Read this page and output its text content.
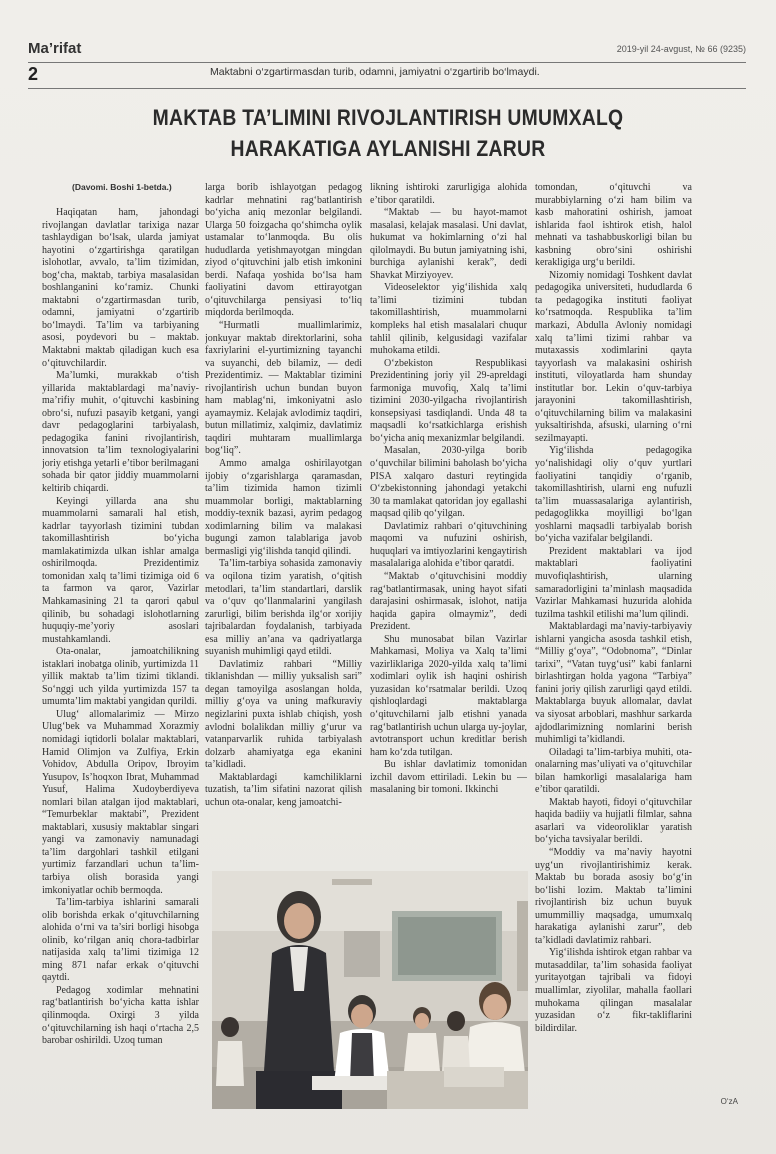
Ma’rifat	2019-yil 24-avgust, № 66 (9235)
2	Maktabni o‘zgartirmasdan turib, odamni, jamiyatni o‘zgartirib bo‘lmaydi.
MAKTAB TA’LIMINI RIVOJLANTIRISH UMUMXALQ HARAKATIGA AYLANISHI ZARUR
(Davomi. Boshi 1-betda.)

Haqiqatan ham, jahondagi rivojlangan davlatlar tarixiga nazar tashlaydigan bo‘lsak, ularda jamiyat hayotini o‘zgartirishga qaratilgan islohotlar, avvalo, ta’lim tizimidan, bog‘cha, maktab, tarbiya masalasidan boshlanganini ko‘ramiz. Chunki maktabni o‘zgartirmasdan turib, odamni, jamiyatni o‘zgartirib bo‘lmaydi. Ta’lim va tarbiyaning asosi, poydevori bu – maktab. Maktabni maktab qiladigan kuch esa o‘qituvchilardir.

Ma’lumki, murakkab o‘tish yillarida maktablardagi ma’naviy-ma’rifiy muhit, o‘qituvchi kasbining obro‘si, nufuzi pasayib ketgani, yangi davr pedagoglarini tarbiyalash, pedagogika fanini rivojlantirish, innovatsion ta’lim texnologiyalarini joriy etishga yetarli e’tibor berilmagani sohada bir qator jiddiy muammolarni keltirib chiqardi.

Keyingi yillarda ana shu muammolarni samarali hal etish, kadrlar tayyorlash tizimini tubdan takomillashtirish bo‘yicha mamlakatimizda ulkan ishlar amalga oshirilmoqda. Prezidentimiz tomonidan xalq ta’limi tizimiga oid 6 ta farmon va qaror, Vazirlar Mahkamasining 21 ta qarori qabul qilinib, bu sohadagi islohotlarning huquqiy-me’yoriy asoslari mustahkamlandi.

Ota-onalar, jamoatchilikning istaklari inobatga olinib, yurtimizda 11 yillik maktab ta’lim tizimi tiklandi. So‘nggi uch yilda yurtimizda 157 ta umumta’lim maktabi yangidan qurildi.

Ulug‘ allomalarimiz — Mirzo Ulug‘bek va Muhammad Xorazmiy nomidagi iqtidorli bolalar maktablari, Hamid Olimjon va Zulfiya, Erkin Vohidov, Abdulla Oripov, Ibroyim Yusupov, Is’hoqxon Ibrat, Muhammad Yusuf, Halima Xudoyberdiyeva nomlari bilan atalgan ijod maktablari, “Temurbeklar maktabi”, Prezident maktablari, xususiy maktablar singari yangi va zamonaviy namunadagi ta’lim dargohlari tashkil etilgani yurtimiz farzandlari uchun ta’lim-tarbiya olish borasida yangi imkoniyatlar ochib bermoqda.

Ta’lim-tarbiya ishlarini samarali olib borishda erkak o‘qituvchilarning alohida o‘rni va ta’siri borligi hisobga olinib, ko‘rilgan aniq chora-tadbirlar natijasida xalq ta’limi tizimiga 12 ming 871 nafar erkak o‘qituvchi qaytdi.

Pedagog xodimlar mehnatini rag‘batlantirish bo‘yicha katta ishlar qilinmoqda. Oxirgi 3 yilda o‘qituvchilarning ish haqi o‘rtacha 2,5 barobar oshirildi. Uzoq tuman

larga borib ishlayotgan pedagog kadrlar mehnatini rag‘batlantirish bo‘yicha aniq mezonlar belgilandi. Ularga 50 foizgacha qo‘shimcha oylik ustamalar to‘lanmoqda. Bu olis hududlarda yetishmayotgan mingdan ziyod o‘qituvchini jalb etish imkonini berdi. Nafaqa yoshida bo‘lsa ham faoliyatini davom ettirayotgan o‘qituvchilarga pensiyasi to‘liq miqdorda berilmoqda.

“Hurmatli muallimlarimiz, jonkuyar maktab direktorlarini, soha faxriylarini el-yurtimizning tayanchi va suyanchi, deb bilamiz, — dedi Prezidentimiz. — Maktablar tizimini rivojlantirish uchun bundan buyon ham mablag‘ni, imkoniyatni aslo ayamaymiz. Kelajak avlodimiz taqdiri, butun millatimiz, xalqimiz, davlatimiz taqdiri muhtaram muallimlarga bog‘liq”.

Ammo amalga oshirilayotgan ijobiy o‘zgarishlarga qaramasdan, ta’lim tizimida hamon tizimli muammolar borligi, maktablarning moddiy-texnik bazasi, ayrim pedagog xodimlarning bilim va malakasi bugungi zamon talablariga javob bermasligi yig‘ilishda tanqid qilindi.

Ta’lim-tarbiya sohasida zamonaviy va oqilona tizim yaratish, o‘qitish metodlari, ta’lim standartlari, darslik va o‘quv qo‘llanmalarini yangilash zarurligi, bilim berishda ilg‘or xorijiy tajribalardan foydalanish, tarbiyada esa milliy an’ana va qadriyatlarga suyanish muhimligi qayd etildi.

Davlatimiz rahbari “Milliy tiklanishdan — milliy yuksalish sari” degan tamoyilga asoslangan holda, milliy g‘oya va uning mafkuraviy negizlarini puxta ishlab chiqish, yosh avlodni bolalikdan milliy g‘urur va vatanparvarlik ruhida tarbiyalash dolzarb ahamiyatga ega ekanini ta’kidladi.

Maktablardagi kamchiliklarni tuzatish, ta’lim sifatini nazorat qilish uchun ota-onalar, keng jamoatchi-

likning ishtiroki zarurligiga alohida e’tibor qaratildi.

“Maktab — bu hayot-mamot masalasi, kelajak masalasi. Uni davlat, hukumat va hokimlarning o‘zi hal qilolmaydi. Bu butun jamiyatning ishi, burchiga aylanishi kerak”, dedi Shavkat Mirziyoyev.

Videoselektor yig‘ilishida xalq ta’limi tizimini tubdan takomillashtirish, muammolarni kompleks hal etish masalalari chuqur tahlil qilinib, kelgusidagi vazifalar muhokama etildi.

O‘zbekiston Respublikasi Prezidentining joriy yil 29-apreldagi farmoniga muvofiq, Xalq ta’limi tizimini 2030-yilgacha rivojlantirish konsepsiyasi tasdiqlandi. Unda 48 ta maqsadli ko‘rsatkichlarga erishish bo‘yicha aniq mexanizmlar belgilandi.

Masalan, 2030-yilga borib o‘quvchilar bilimini baholash bo‘yicha PISA xalqaro dasturi reytingida O‘zbekistonning jahondagi yetakchi 30 ta mamlakat qatoridan joy egallashi maqsad qilib qo‘yilgan.

Davlatimiz rahbari o‘qituvchining maqomi va nufuzini oshirish, huquqlari va imtiyozlarini kengaytirish masalalariga alohida e’tibor qaratdi.

“Maktab o‘qituvchisini moddiy rag‘batlantirmasak, uning hayot sifati darajasini oshirmasak, islohot, natija haqida gapira olmaymiz”, dedi Prezident.

Shu munosabat bilan Vazirlar Mahkamasi, Moliya va Xalq ta’limi vazirliklariga 2020-yilda xalq ta’limi xodimlari oylik ish haqini oshirish yuzasidan ko‘rsatmalar berildi. Uzoq qishloqlardagi maktablarga o‘qituvchilarni jalb etishni yanada rag‘batlantirish uchun ularga uy-joylar, avtotransport uchun kreditlar berish ham ko‘zda tutilgan.

Bu ishlar davlatimiz tomonidan izchil davom ettiriladi. Lekin bu — masalaning bir tomoni. Ikkinchi

tomondan, o‘qituvchi va murabbiylarning o‘zi ham bilim va kasb mahoratini oshirish, jamoat ishlarida faol ishtirok etish, halol mehnati va tashabbuskorligi bilan bu kasbning obro‘sini oshirishi kerakligiga urg‘u berildi.

Nizomiy nomidagi Toshkent davlat pedagogika universiteti, hududlarda 6 ta pedagogika instituti faoliyat ko‘rsatmoqda. Respublika ta’lim markazi, Abdulla Avloniy nomidagi xalq ta’limi tizimi rahbar va mutaxassis xodimlarini qayta tayyorlash va malakasini oshirish instituti, viloyatlarda ham shunday institutlar bor. Lekin o‘quv-tarbiya jarayonini takomillashtirish, o‘qituvchilarning bilim va malakasini yuksaltirishda, afsuski, ularning o‘rni sezilmayapti.

Yig‘ilishda pedagogika yo‘nalishidagi oliy o‘quv yurtlari faoliyatini tanqidiy o‘rganib, takomillashtirish, ularni eng nufuzli ta’lim muassasalariga aylantirish, pedagoglikka moyilligi bo‘lgan yoshlarni maqsadli tarbiyalab borish bo‘yicha vazifalar belgilandi.

Prezident maktablari va ijod maktablari faoliyatini muvofiqlashtirish, ularning samaradorligini ta’minlash maqsadida Vazirlar Mahkamasi huzurida alohida tuzilma tashkil etilishi ma’lum qilindi.

Maktablardagi ma’naviy-tarbiyaviy ishlarni yangicha asosda tashkil etish, “Milliy g‘oya”, “Odobnoma”, “Dinlar tarixi”, “Vatan tuyg‘usi” kabi fanlarni birlashtirgan holda yagona “Tarbiya” fanini joriy qilish zarurligi qayd etildi. Maktablarga buyuk allomalar, davlat va siyosat arboblari, mashhur sarkarda ajdodlarimizning nomlarini berish muhimligi ta’kidlandi.

Oiladagi ta’lim-tarbiya muhiti, ota-onalarning mas’uliyati va o‘qituvchilar bilan hamkorligi masalalariga ham e’tibor qaratildi.

Maktab hayoti, fidoyi o‘qituvchilar haqida badiiy va hujjatli filmlar, sahna asarlari va videoroliklar yaratish bo‘yicha tavsiyalar berildi.

“Moddiy va ma’naviy hayotni uyg‘un rivojlantirishimiz kerak. Maktab bu borada asosiy bo‘g‘in bo‘lishi lozim. Maktab ta’limini rivojlantirish biz uchun buyuk umummilliy maqsadga, umumxalq harakatiga aylanishi zarur”, deb ta’kidladi davlatimiz rahbari.

Yig‘ilishda ishtirok etgan rahbar va mutasaddilar, ta’lim sohasida faoliyat yuritayotgan tajribali va fidoyi muallimlar, ziyolilar, mahalla faollari muhokama qilingan masalalar yuzasidan o‘z fikr-takliflarini bildirdilar.

O‘zA
